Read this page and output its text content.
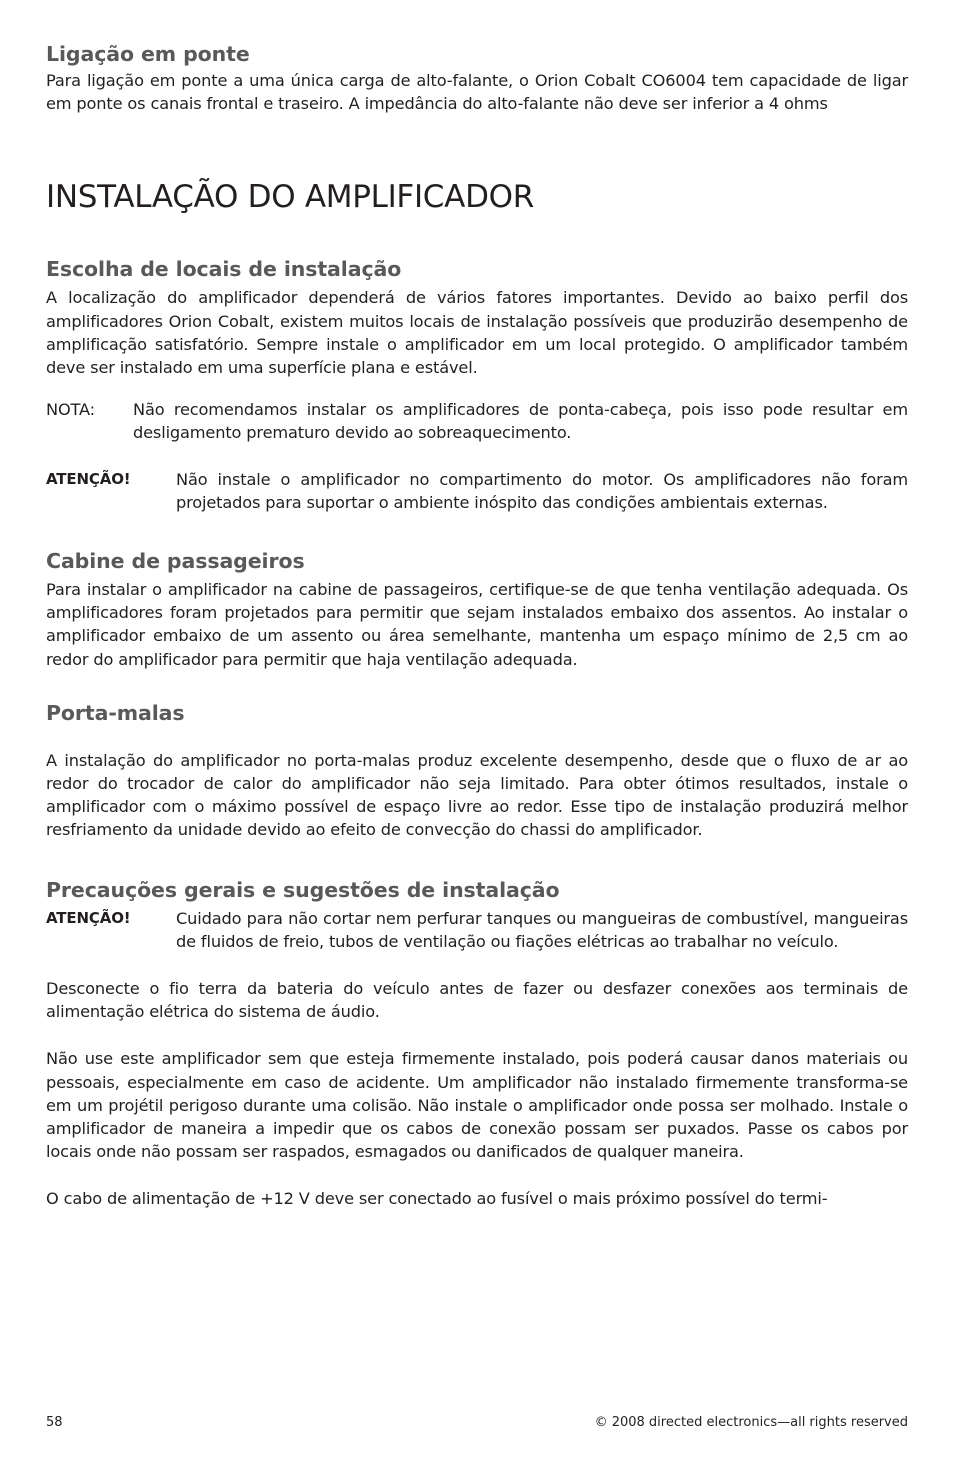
Ligação em ponte

Para ligação em ponte a uma única carga de alto-falante, o Orion Cobalt CO6004 tem capacidade de ligar em ponte os canais frontal e traseiro. A impedância do alto-falante não deve ser inferior a 4 ohms

INSTALAÇÃO DO AMPLIFICADOR
Escolha de locais de instalação

A localização do amplificador dependerá de vários fatores importantes. Devido ao baixo perfil dos amplificadores Orion Cobalt, existem muitos locais de instalação possíveis que produzirão desempenho de amplificação satisfatório. Sempre instale o amplificador em um local protegido. O amplificador também deve ser instalado em uma superfície plana e estável.

NOTA:	Não recomendamos instalar os amplificadores de ponta-cabeça, pois isso pode resultar em desligamento prematuro devido ao sobreaquecimento.
ATENÇÃO!	Não instale o amplificador no compartimento do motor. Os amplificadores não foram projetados para suportar o ambiente inóspito das condições ambientais externas.
Cabine de passageiros

Para instalar o amplificador na cabine de passageiros, certifique-se de que tenha ventilação adequada. Os amplificadores foram projetados para permitir que sejam instalados embaixo dos assentos. Ao instalar o amplificador embaixo de um assento ou área semelhante, mantenha um espaço mínimo de 2,5 cm ao redor do amplificador para permitir que haja ventilação adequada.

Porta-malas

A instalação do amplificador no porta-malas produz excelente desempenho, desde que o fluxo de ar ao redor do trocador de calor do amplificador não seja limitado. Para obter ótimos resultados, instale o amplificador com o máximo possível de espaço livre ao redor. Esse tipo de instalação produzirá melhor resfriamento da unidade devido ao efeito de convecção do chassi do amplificador.

Precauções gerais e sugestões de instalação
ATENÇÃO!	Cuidado para não cortar nem perfurar tanques ou mangueiras de combustível, mangueiras de fluidos de freio, tubos de ventilação ou fiações elétricas ao trabalhar no veículo.

Desconecte o fio terra da bateria do veículo antes de fazer ou desfazer conexões aos terminais de alimentação elétrica do sistema de áudio.

Não use este amplificador sem que esteja firmemente instalado, pois poderá causar danos materiais ou pessoais, especialmente em caso de acidente. Um amplificador não instalado firmemente transforma-se em um projétil perigoso durante uma colisão. Não instale o amplificador onde possa ser molhado. Instale o amplificador de maneira a impedir que os cabos de conexão possam ser puxados. Passe os cabos por locais onde não possam ser raspados, esmagados ou danificados de qualquer maneira.

O cabo de alimentação de +12 V deve ser conectado ao fusível o mais próximo possível do termi-

58	© 2008 directed electronics—all rights reserved
